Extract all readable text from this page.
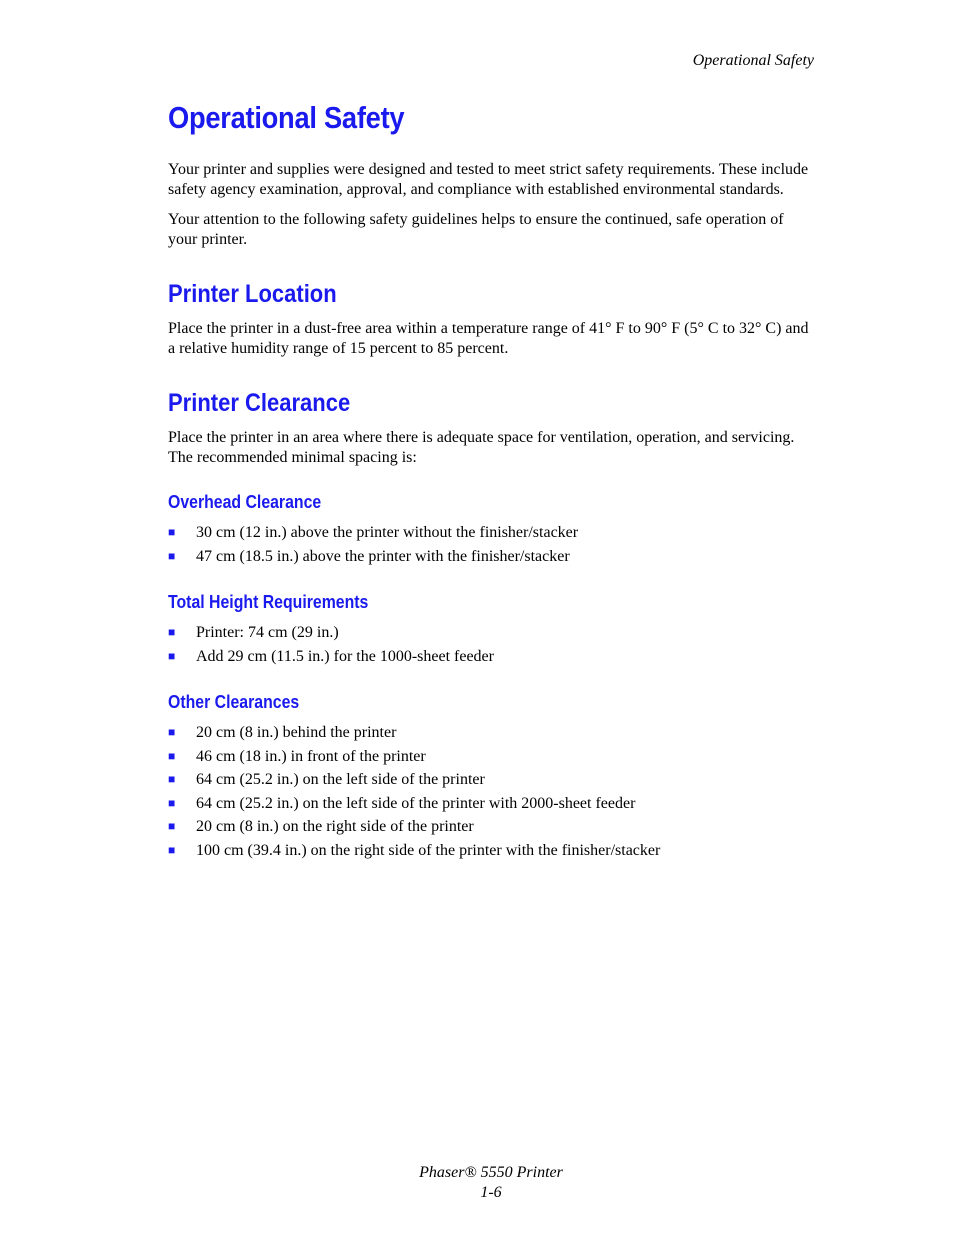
Operational Safety
Operational Safety

Your printer and supplies were designed and tested to meet strict safety requirements. These include safety agency examination, approval, and compliance with established environmental standards.

Your attention to the following safety guidelines helps to ensure the continued, safe operation of your printer.

Printer Location

Place the printer in a dust-free area within a temperature range of 41° F to 90° F (5° C to 32° C) and a relative humidity range of 15 percent to 85 percent.

Printer Clearance

Place the printer in an area where there is adequate space for ventilation, operation, and servicing. The recommended minimal spacing is:

Overhead Clearance
■ 30 cm (12 in.) above the printer without the finisher/stacker
■ 47 cm (18.5 in.) above the printer with the finisher/stacker
Total Height Requirements
■ Printer: 74 cm (29 in.)
■ Add 29 cm (11.5 in.) for the 1000-sheet feeder
Other Clearances
■ 20 cm (8 in.) behind the printer
■ 46 cm (18 in.) in front of the printer
■ 64 cm (25.2 in.) on the left side of the printer
■ 64 cm (25.2 in.) on the left side of the printer with 2000-sheet feeder
■ 20 cm (8 in.) on the right side of the printer
■ 100 cm (39.4 in.) on the right side of the printer with the finisher/stacker
Phaser® 5550 Printer
1-6
